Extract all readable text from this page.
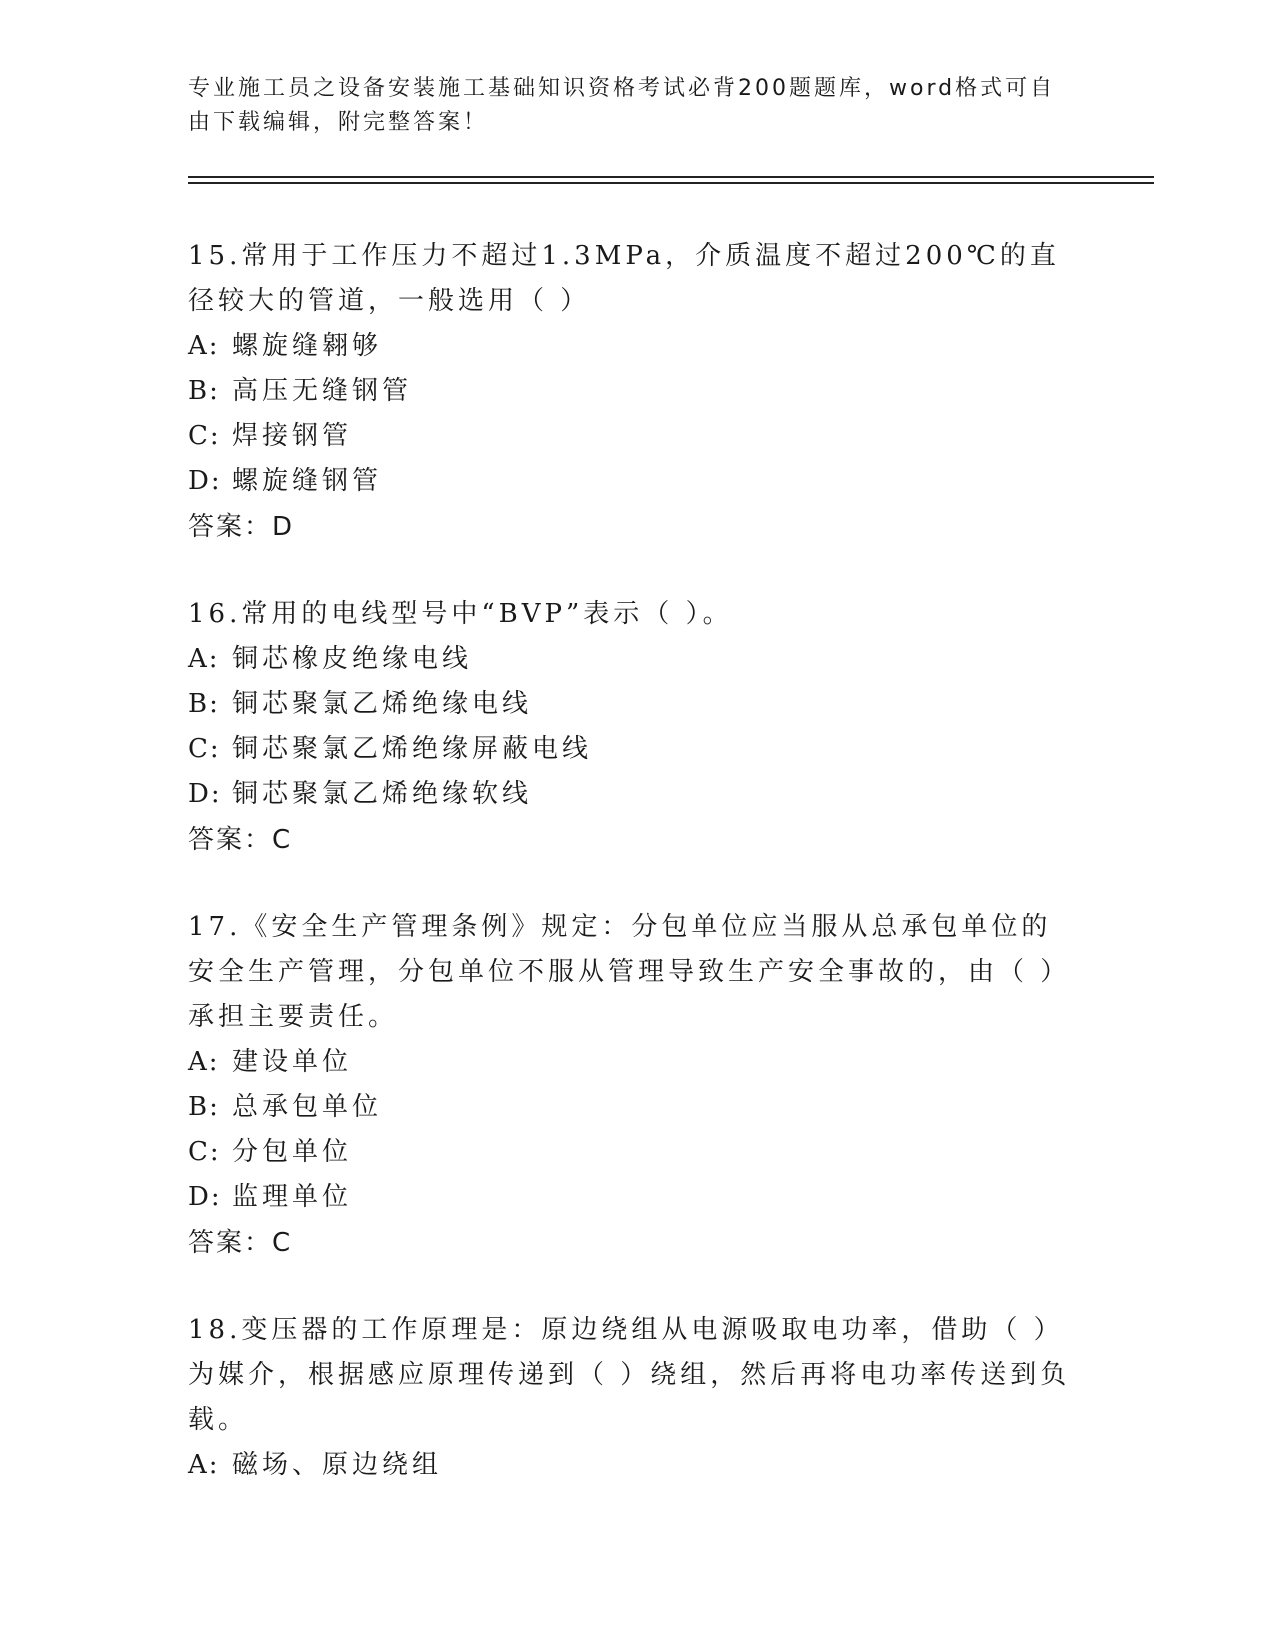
专业施工员之设备安装施工基础知识资格考试必背200题题库，word格式可自由下载编辑，附完整答案！

15.常用于工作压力不超过1.3MPa，介质温度不超过200℃的直径较大的管道，一般选用（ ）

A: 螺旋缝翱够

B: 高压无缝钢管

C: 焊接钢管

D: 螺旋缝钢管

答案：D

16.常用的电线型号中“BVP”表示（ ）。

A: 铜芯橡皮绝缘电线

B: 铜芯聚氯乙烯绝缘电线

C: 铜芯聚氯乙烯绝缘屏蔽电线

D: 铜芯聚氯乙烯绝缘软线

答案：C

17.《安全生产管理条例》规定：分包单位应当服从总承包单位的安全生产管理，分包单位不服从管理导致生产安全事故的，由（ ）承担主要责任。

A: 建设单位

B: 总承包单位

C: 分包单位

D: 监理单位

答案：C

18.变压器的工作原理是：原边绕组从电源吸取电功率，借助（ ）为媒介，根据感应原理传递到（ ）绕组，然后再将电功率传送到负载。

A: 磁场、原边绕组
